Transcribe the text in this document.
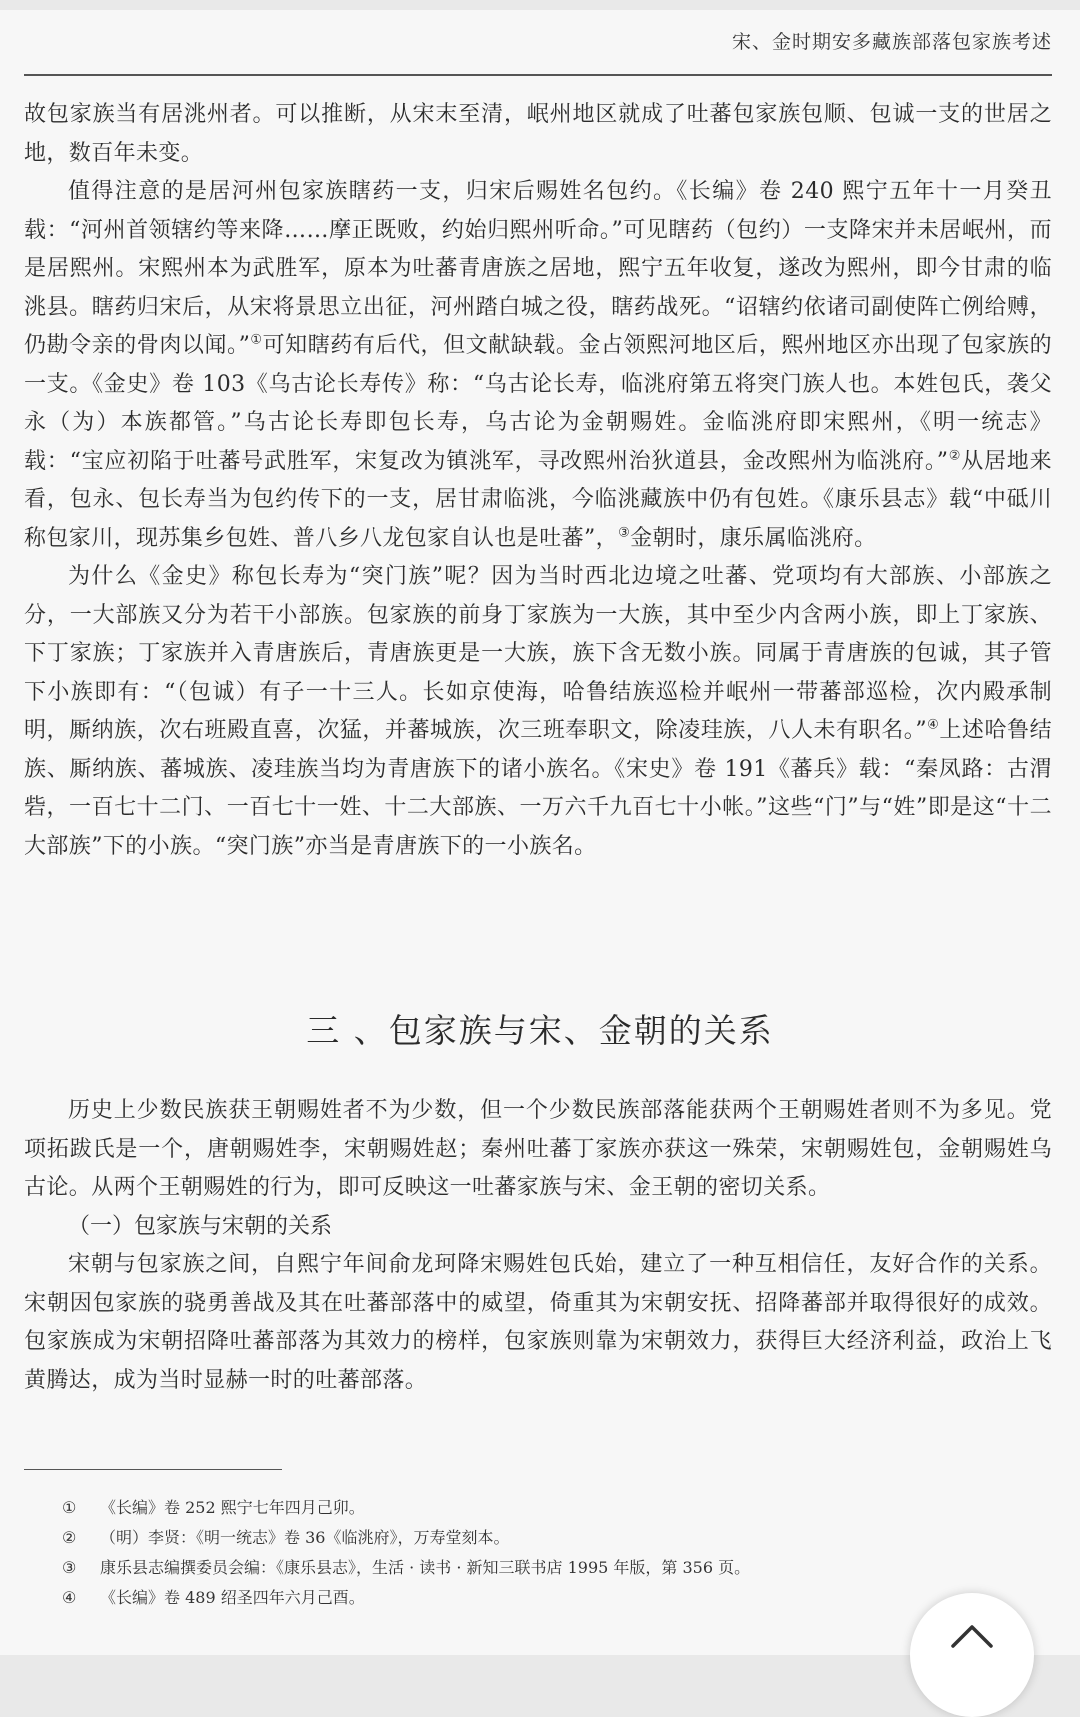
宋、金时期安多藏族部落包家族考述

故包家族当有居洮州者。可以推断，从宋末至清，岷州地区就成了吐蕃包家族包顺、包诚一支的世居之地，数百年未变。

值得注意的是居河州包家族瞎药一支，归宋后赐姓名包约。《长编》卷 240 熙宁五年十一月癸丑载：“河州首领辖约等来降……摩正既败，约始归熙州听命。”可见瞎药（包约）一支降宋并未居岷州，而是居熙州。宋熙州本为武胜军，原本为吐蕃青唐族之居地，熙宁五年收复，遂改为熙州，即今甘肃的临洮县。瞎药归宋后，从宋将景思立出征，河州踏白城之役，瞎药战死。“诏辖约依诸司副使阵亡例给赙，仍勘令亲的骨肉以闻。”①可知瞎药有后代，但文献缺载。金占领熙河地区后，熙州地区亦出现了包家族的一支。《金史》卷 103《乌古论长寿传》称：“乌古论长寿，临洮府第五将突门族人也。本姓包氏，袭父永（为）本族都管。”乌古论长寿即包长寿，乌古论为金朝赐姓。金临洮府即宋熙州，《明一统志》载：“宝应初陷于吐蕃号武胜军，宋复改为镇洮军，寻改熙州治狄道县，金改熙州为临洮府。”②从居地来看，包永、包长寿当为包约传下的一支，居甘肃临洮，今临洮藏族中仍有包姓。《康乐县志》载“中砥川称包家川，现苏集乡包姓、普八乡八龙包家自认也是吐蕃”，③金朝时，康乐属临洮府。

为什么《金史》称包长寿为“突门族”呢？因为当时西北边境之吐蕃、党项均有大部族、小部族之分，一大部族又分为若干小部族。包家族的前身丁家族为一大族，其中至少内含两小族，即上丁家族、下丁家族；丁家族并入青唐族后，青唐族更是一大族，族下含无数小族。同属于青唐族的包诚，其子管下小族即有：“（包诚）有子一十三人。长如京使海，哈鲁结族巡检并岷州一带蕃部巡检，次内殿承制明，厮纳族，次右班殿直喜，次猛，并蕃城族，次三班奉职文，除凌珪族，八人未有职名。”④上述哈鲁结族、厮纳族、蕃城族、凌珪族当均为青唐族下的诸小族名。《宋史》卷 191《蕃兵》载：“秦凤路：古渭砦，一百七十二门、一百七十一姓、十二大部族、一万六千九百七十小帐。”这些“门”与“姓”即是这“十二大部族”下的小族。“突门族”亦当是青唐族下的一小族名。

三 、包家族与宋、金朝的关系

历史上少数民族获王朝赐姓者不为少数，但一个少数民族部落能获两个王朝赐姓者则不为多见。党项拓跋氏是一个，唐朝赐姓李，宋朝赐姓赵；秦州吐蕃丁家族亦获这一殊荣，宋朝赐姓包，金朝赐姓乌古论。从两个王朝赐姓的行为，即可反映这一吐蕃家族与宋、金王朝的密切关系。

（一）包家族与宋朝的关系

宋朝与包家族之间，自熙宁年间俞龙珂降宋赐姓包氏始，建立了一种互相信任，友好合作的关系。宋朝因包家族的骁勇善战及其在吐蕃部落中的威望，倚重其为宋朝安抚、招降蕃部并取得很好的成效。包家族成为宋朝招降吐蕃部落为其效力的榜样，包家族则靠为宋朝效力，获得巨大经济利益，政治上飞黄腾达，成为当时显赫一时的吐蕃部落。

① 《长编》卷 252 熙宁七年四月己卯。

② （明）李贤：《明一统志》卷 36《临洮府》，万寿堂刻本。

③ 康乐县志编撰委员会编：《康乐县志》，生活 · 读书 · 新知三联书店 1995 年版，第 356 页。

④ 《长编》卷 489 绍圣四年六月己酉。
